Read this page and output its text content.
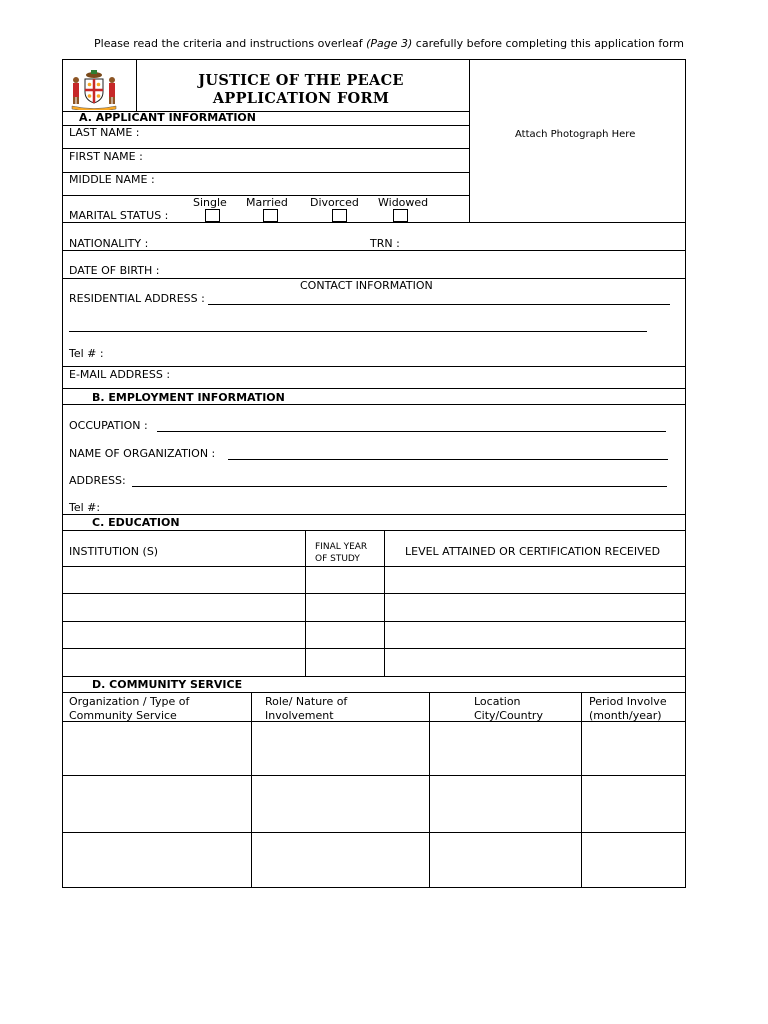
Please read the criteria and instructions overleaf (Page 3) carefully before completing this application form
JUSTICE OF THE PEACE
APPLICATION FORM
Attach Photograph Here
A. APPLICANT INFORMATION
LAST NAME :
FIRST NAME :
MIDDLE NAME :
MARITAL STATUS :
Single Married Divorced Widowed
NATIONALITY :	TRN :
DATE OF BIRTH :
CONTACT INFORMATION
RESIDENTIAL ADDRESS :
Tel # :
E-MAIL ADDRESS :
B. EMPLOYMENT INFORMATION
OCCUPATION :
NAME OF ORGANIZATION :
ADDRESS:
Tel #:
C. EDUCATION
INSTITUTION (S)	FINAL YEAR
OF STUDY
LEVEL ATTAINED OR CERTIFICATION RECEIVED
D. COMMUNITY SERVICE
Organization / Type of
Community Service
Role/ Nature of
Involvement
Location
City/Country
Period Involve
(month/year)
